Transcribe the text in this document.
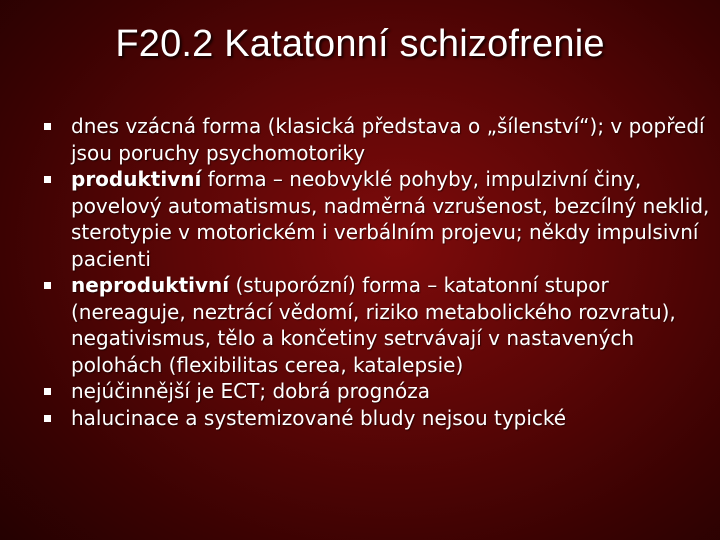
F20.2 Katatonní schizofrenie
dnes vzácná forma (klasická představa o „šílenství“); v popředí jsou poruchy psychomotoriky
produktivní forma – neobvyklé pohyby, impulzivní činy, povelový automatismus, nadměrná vzrušenost, bezcílný neklid, sterotypie v motorickém i verbálním projevu; někdy impulsivní pacienti
neproduktivní (stuporózní) forma – katatonní stupor (nereaguje, neztrácí vědomí, riziko metabolického rozvratu), negativismus, tělo a končetiny setrvávají v nastavených polohách (flexibilitas cerea, katalepsie)
nejúčinnější je ECT; dobrá prognóza
halucinace a systemizované bludy nejsou typické
